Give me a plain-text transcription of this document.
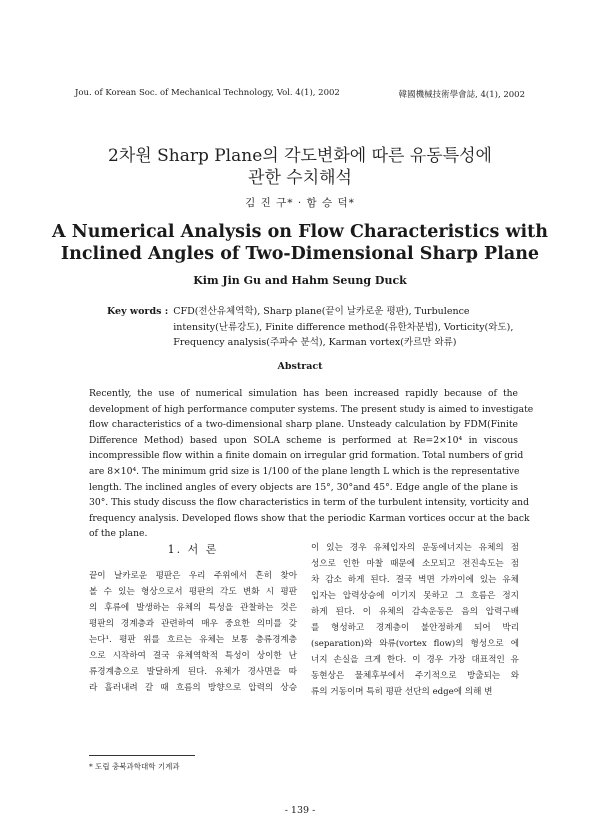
Jou. of Korean Soc. of Mechanical Technology, Vol. 4(1), 2002	韓國機械技術學會誌, 4(1), 2002
2차원 Sharp Plane의 각도변화에 따른 유동특성에
관한 수치해석
김 진 구* · 함 승 덕*
A Numerical Analysis on Flow Characteristics with
Inclined Angles of Two-Dimensional Sharp Plane
Kim Jin Gu and Hahm Seung Duck
Key words : CFD(전산유체역학), Sharp plane(끝이 날카로운 평판), Turbulence
intensity(난류강도), Finite difference method(유한차분법), Vorticity(와도),
Frequency analysis(주파수 분석), Karman vortex(카르만 와류)
Abstract
Recently, the use of numerical simulation has been increased rapidly because of the
development of high performance computer systems. The present study is aimed to investigate
flow characteristics of a two-dimensional sharp plane. Unsteady calculation by FDM(Finite
Difference Method) based upon SOLA scheme is performed at Re=2×10⁴ in viscous
incompressible flow within a finite domain on irregular grid formation. Total numbers of grid
are 8×10⁴. The minimum grid size is 1/100 of the plane length L which is the representative
length. The inclined angles of every objects are 15°, 30°and 45°. Edge angle of the plane is
30°. This study discuss the flow characteristics in term of the turbulent intensity, vorticity and
frequency analysis. Developed flows show that the periodic Karman vortices occur at the back
of the plane.
1. 서 론
끝이 날카로운 평판은 우리 주위에서 흔히 찾아
볼 수 있는 형상으로서 평판의 각도 변화 시 평판
의 후류에 발생하는 유체의 특성을 관찰하는 것은
평판의 경계층과 관련하여 매우 중요한 의미를 갖
는다¹. 평판 위를 흐르는 유체는 보통 층류경계층
으로 시작하여 결국 유체역학적 특성이 상이한 난
류경계층으로 발달하게 된다. 유체가 경사면을 따
라 흘러내려 갈 때 흐름의 방향으로 압력의 상승
이 있는 경우 유체입자의 운동에너지는 유체의 점
성으로 인한 마찰 때문에 소모되고 전진속도는 점
차 감소 하게 된다. 결국 벽면 가까이에 있는 유체
입자는 압력상승에 이기지 못하고 그 흐름은 정지
하게 된다. 이 유체의 감속운동은 음의 압력구배
를 형성하고 경계층이 불안정하게 되어 박리
(separation)와 와류(vortex flow)의 형성으로 에
너지 손실을 크게 한다. 이 경우 가장 대표적인 유
동현상은 물체후부에서 주기적으로 방출되는 와
류의 거동이며 특히 평판 선단의 edge에 의해 변
* 도립 충북과학대학 기계과
- 139 -
